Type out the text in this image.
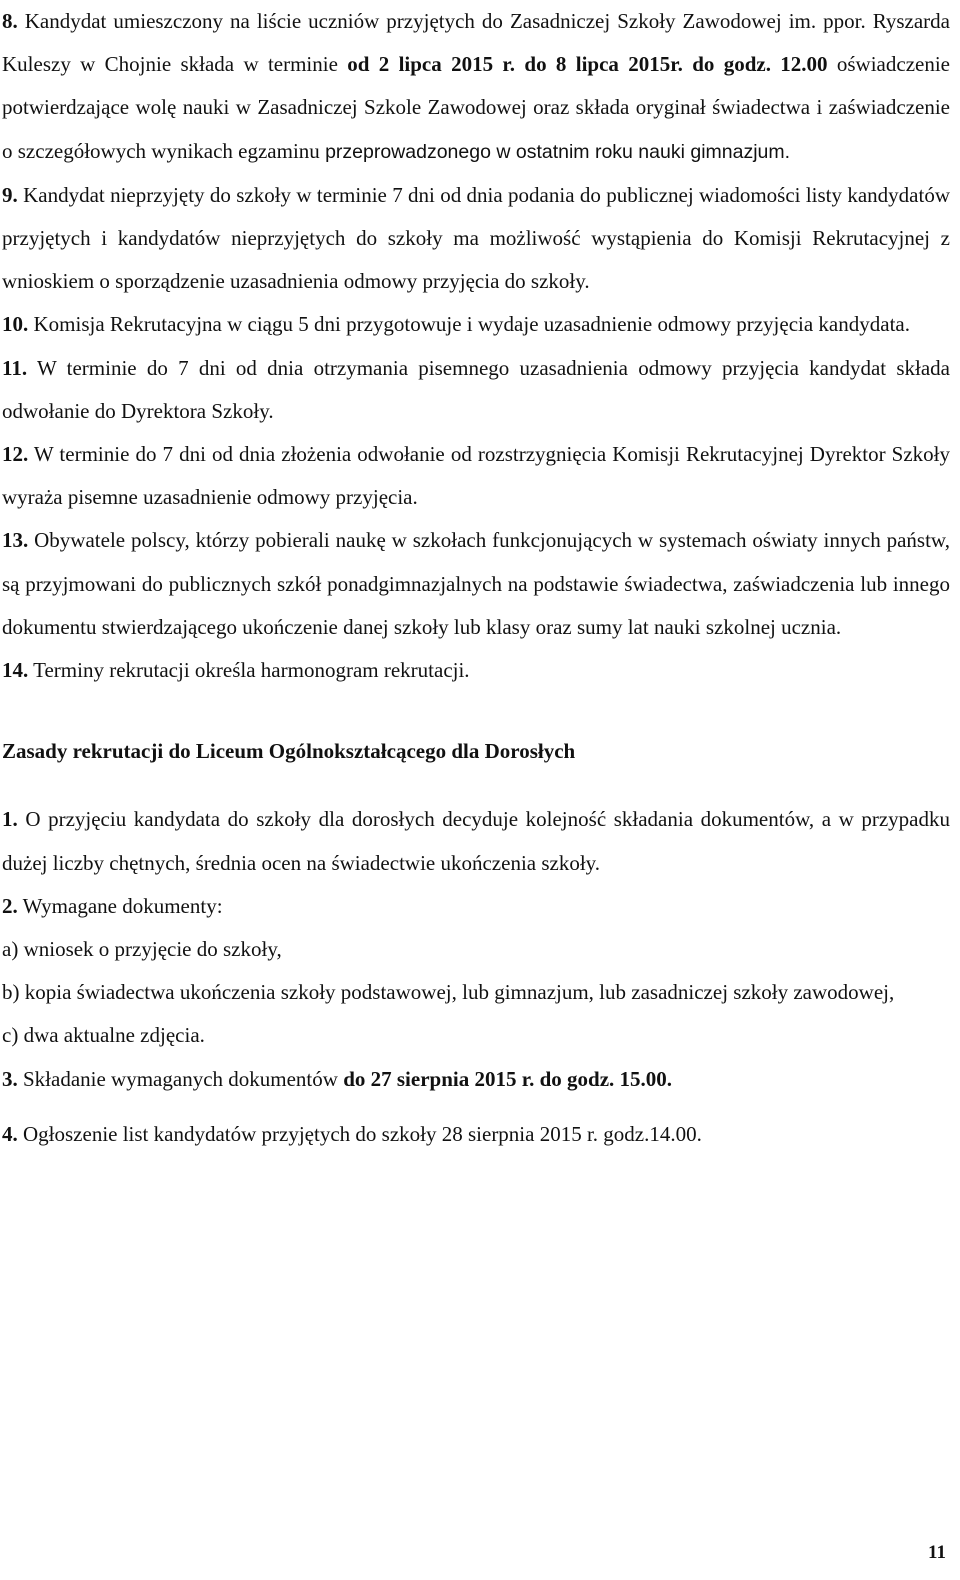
8. Kandydat umieszczony na liście uczniów przyjętych do Zasadniczej Szkoły Zawodowej im. ppor. Ryszarda Kuleszy w Chojnie składa w terminie od 2 lipca 2015 r. do 8 lipca 2015r. do godz. 12.00 oświadczenie potwierdzające wolę nauki w Zasadniczej Szkole Zawodowej oraz składa oryginał świadectwa i zaświadczenie o szczegółowych wynikach egzaminu przeprowadzonego w ostatnim roku nauki gimnazjum.

9. Kandydat nieprzyjęty do szkoły w terminie 7 dni od dnia podania do publicznej wiadomości listy kandydatów przyjętych i kandydatów nieprzyjętych do szkoły ma możliwość wystąpienia do Komisji Rekrutacyjnej z wnioskiem o sporządzenie uzasadnienia odmowy przyjęcia do szkoły.

10. Komisja Rekrutacyjna w ciągu 5 dni przygotowuje i wydaje uzasadnienie odmowy przyjęcia kandydata.

11. W terminie do 7 dni od dnia otrzymania pisemnego uzasadnienia odmowy przyjęcia kandydat składa odwołanie do Dyrektora Szkoły.

12. W terminie do 7 dni od dnia złożenia odwołanie od rozstrzygnięcia Komisji Rekrutacyjnej Dyrektor Szkoły wyraża pisemne uzasadnienie odmowy przyjęcia.

13. Obywatele polscy, którzy pobierali naukę w szkołach funkcjonujących w systemach oświaty innych państw, są przyjmowani do publicznych szkół ponadgimnazjalnych na podstawie świadectwa, zaświadczenia lub innego dokumentu stwierdzającego ukończenie danej szkoły lub klasy oraz sumy lat nauki szkolnej ucznia.

14. Terminy rekrutacji określa harmonogram rekrutacji.

Zasady rekrutacji do Liceum Ogólnokształcącego dla Dorosłych

1. O przyjęciu kandydata do szkoły dla dorosłych decyduje kolejność składania dokumentów, a w przypadku dużej liczby chętnych, średnia ocen na świadectwie ukończenia szkoły.

2. Wymagane dokumenty:

a) wniosek o przyjęcie do szkoły,

b) kopia świadectwa ukończenia szkoły podstawowej, lub gimnazjum, lub zasadniczej szkoły zawodowej,

c) dwa aktualne zdjęcia.

3. Składanie wymaganych dokumentów do 27 sierpnia 2015 r. do godz. 15.00.

4. Ogłoszenie list kandydatów przyjętych do szkoły 28 sierpnia 2015 r. godz.14.00.

11
